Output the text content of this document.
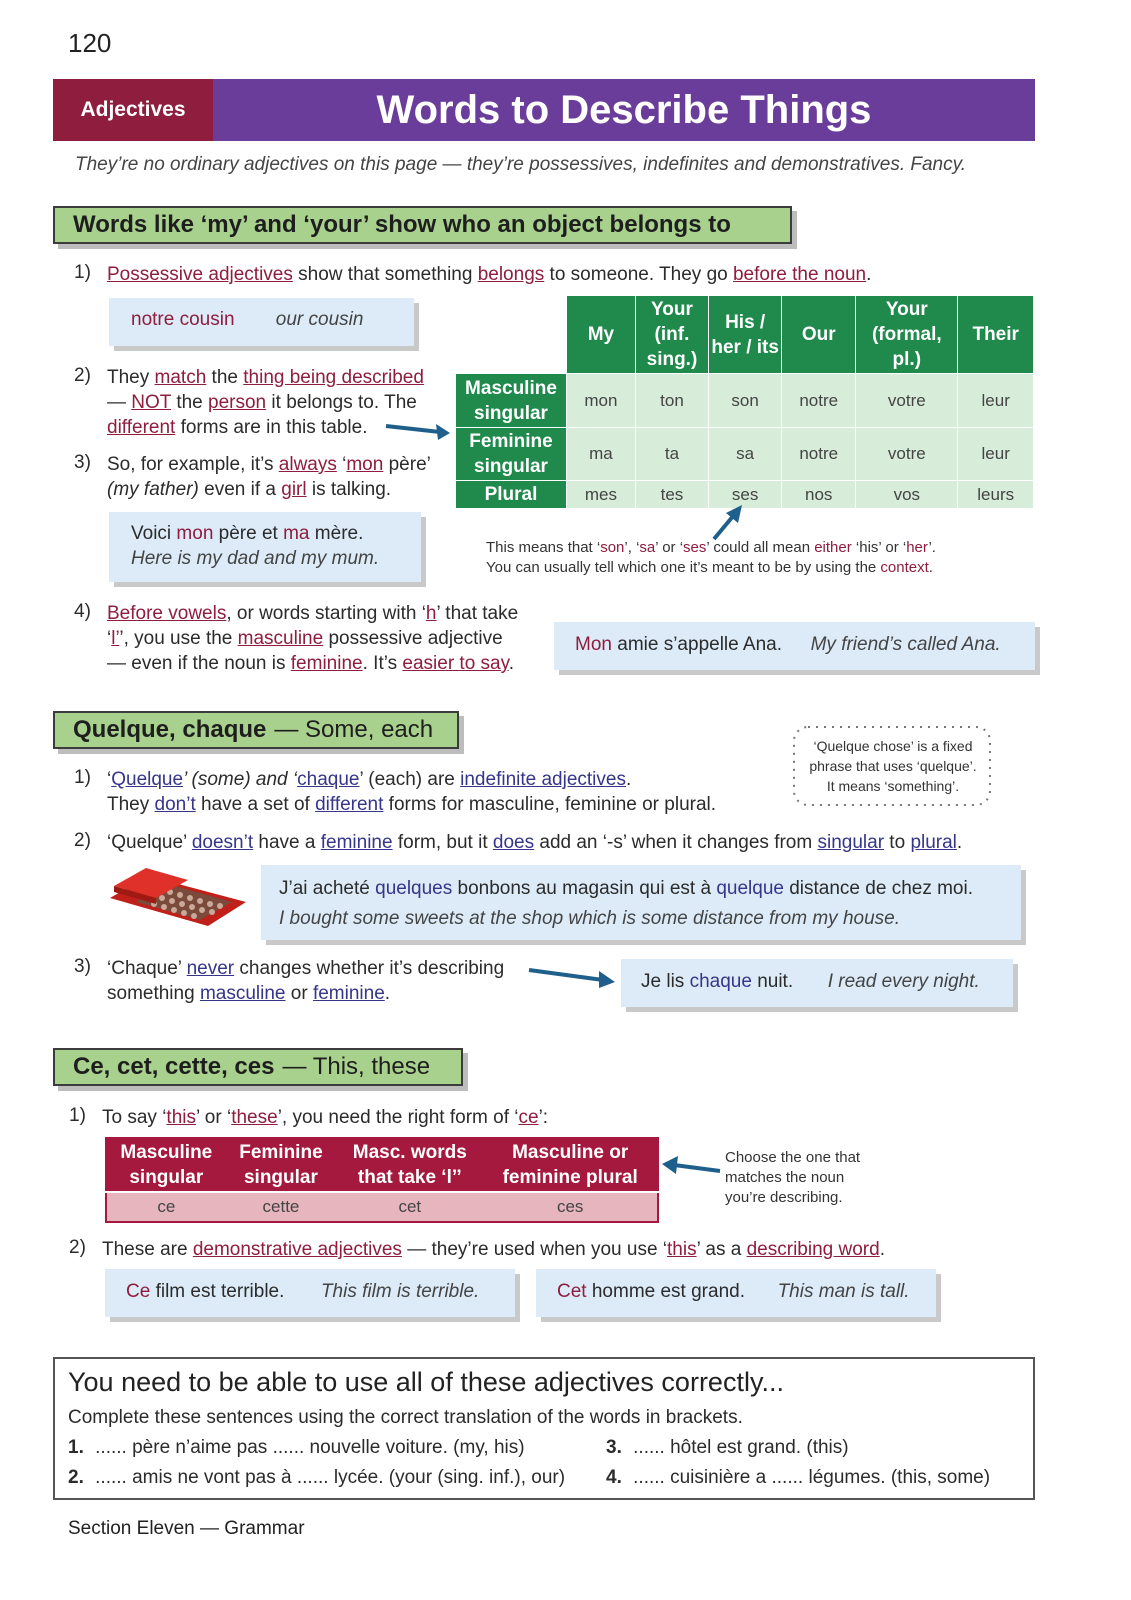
120
Adjectives	Words to Describe Things
They’re no ordinary adjectives on this page — they’re possessives, indefinites and demonstratives. Fancy.
Words like ‘my’ and ‘your’ show who an object belongs to
1) Possessive adjectives show that something belongs to someone. They go before the noun.
notre cousin our cousin
2) They match the thing being described
— NOT the person it belongs to. The
different forms are in this table.
3) So, for example, it’s always ‘mon père’
(my father) even if a girl is talking.
Voici mon père et ma mère.
Here is my dad and my mum.
	My	Your (inf. sing.)	His / her / its	Our	Your (formal, pl.)	Their
Masculine singular	mon	ton	son	notre	votre	leur
Feminine singular	ma	ta	sa	notre	votre	leur
Plural	mes	tes	ses	nos	vos	leurs
This means that ‘son’, ‘sa’ or ‘ses’ could all mean either ‘his’ or ‘her’.
You can usually tell which one it’s meant to be by using the context.
4) Before vowels, or words starting with ‘h’ that take
‘l’’, you use the masculine possessive adjective
— even if the noun is feminine. It’s easier to say.
Mon amie s’appelle Ana. My friend’s called Ana.
Quelque, chaque — Some, each
‘Quelque chose’ is a fixed
phrase that uses ‘quelque’.
It means ‘something’.
1) ‘Quelque’ (some) and ‘chaque’ (each) are indefinite adjectives.
They don’t have a set of different forms for masculine, feminine or plural.
2) ‘Quelque’ doesn’t have a feminine form, but it does add an ‘-s’ when it changes from singular to plural.
J’ai acheté quelques bonbons au magasin qui est à quelque distance de chez moi.
I bought some sweets at the shop which is some distance from my house.
3) ‘Chaque’ never changes whether it’s describing
something masculine or feminine.
Je lis chaque nuit. I read every night.
Ce, cet, cette, ces — This, these
1) To say ‘this’ or ‘these’, you need the right form of ‘ce’:
Masculine singular	Feminine singular	Masc. words that take ‘l’’	Masculine or feminine plural
ce	cette	cet	ces
Choose the one that
matches the noun
you’re describing.
2) These are demonstrative adjectives — they’re used when you use ‘this’ as a describing word.
Ce film est terrible. This film is terrible.	Cet homme est grand. This man is tall.
You need to be able to use all of these adjectives correctly...
Complete these sentences using the correct translation of the words in brackets.
1. ...... père n’aime pas ...... nouvelle voiture. (my, his)
2. ...... amis ne vont pas à ...... lycée. (your (sing. inf.), our)
3. ...... hôtel est grand. (this)
4. ...... cuisinière a ...... légumes. (this, some)
Section Eleven — Grammar
